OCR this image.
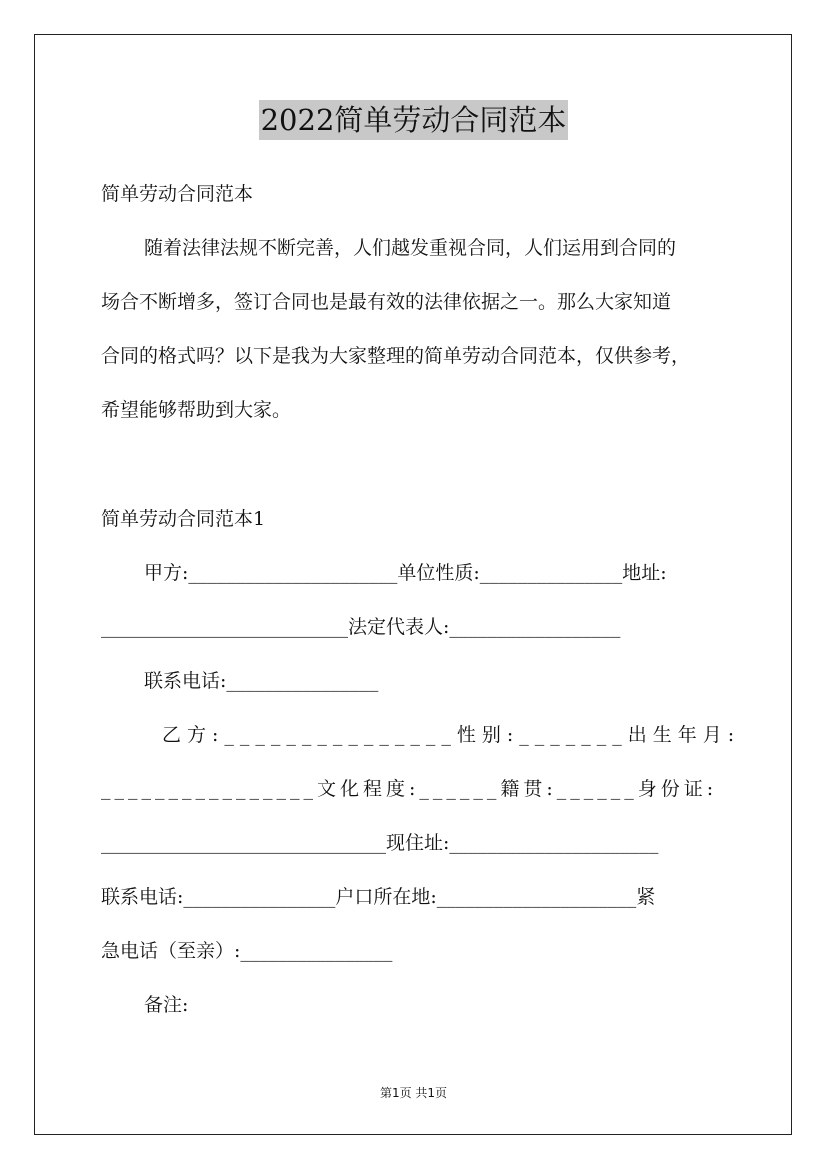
2022简单劳动合同范本
简单劳动合同范本
随着法律法规不断完善，人们越发重视合同，人们运用到合同的
场合不断增多，签订合同也是最有效的法律依据之一。那么大家知道
合同的格式吗？以下是我为大家整理的简单劳动合同范本，仅供参考，
希望能够帮助到大家。
简单劳动合同范本1
甲方:______________________单位性质:_______________地址:
__________________________法定代表人:__________________
联系电话:________________
乙方:_______________性别:_______出生年月:
________________文化程度:______籍贯:______身份证:
______________________________现住址:______________________
联系电话:________________户口所在地:_____________________紧
急电话（至亲）:________________
备注:
第1页 共1页
